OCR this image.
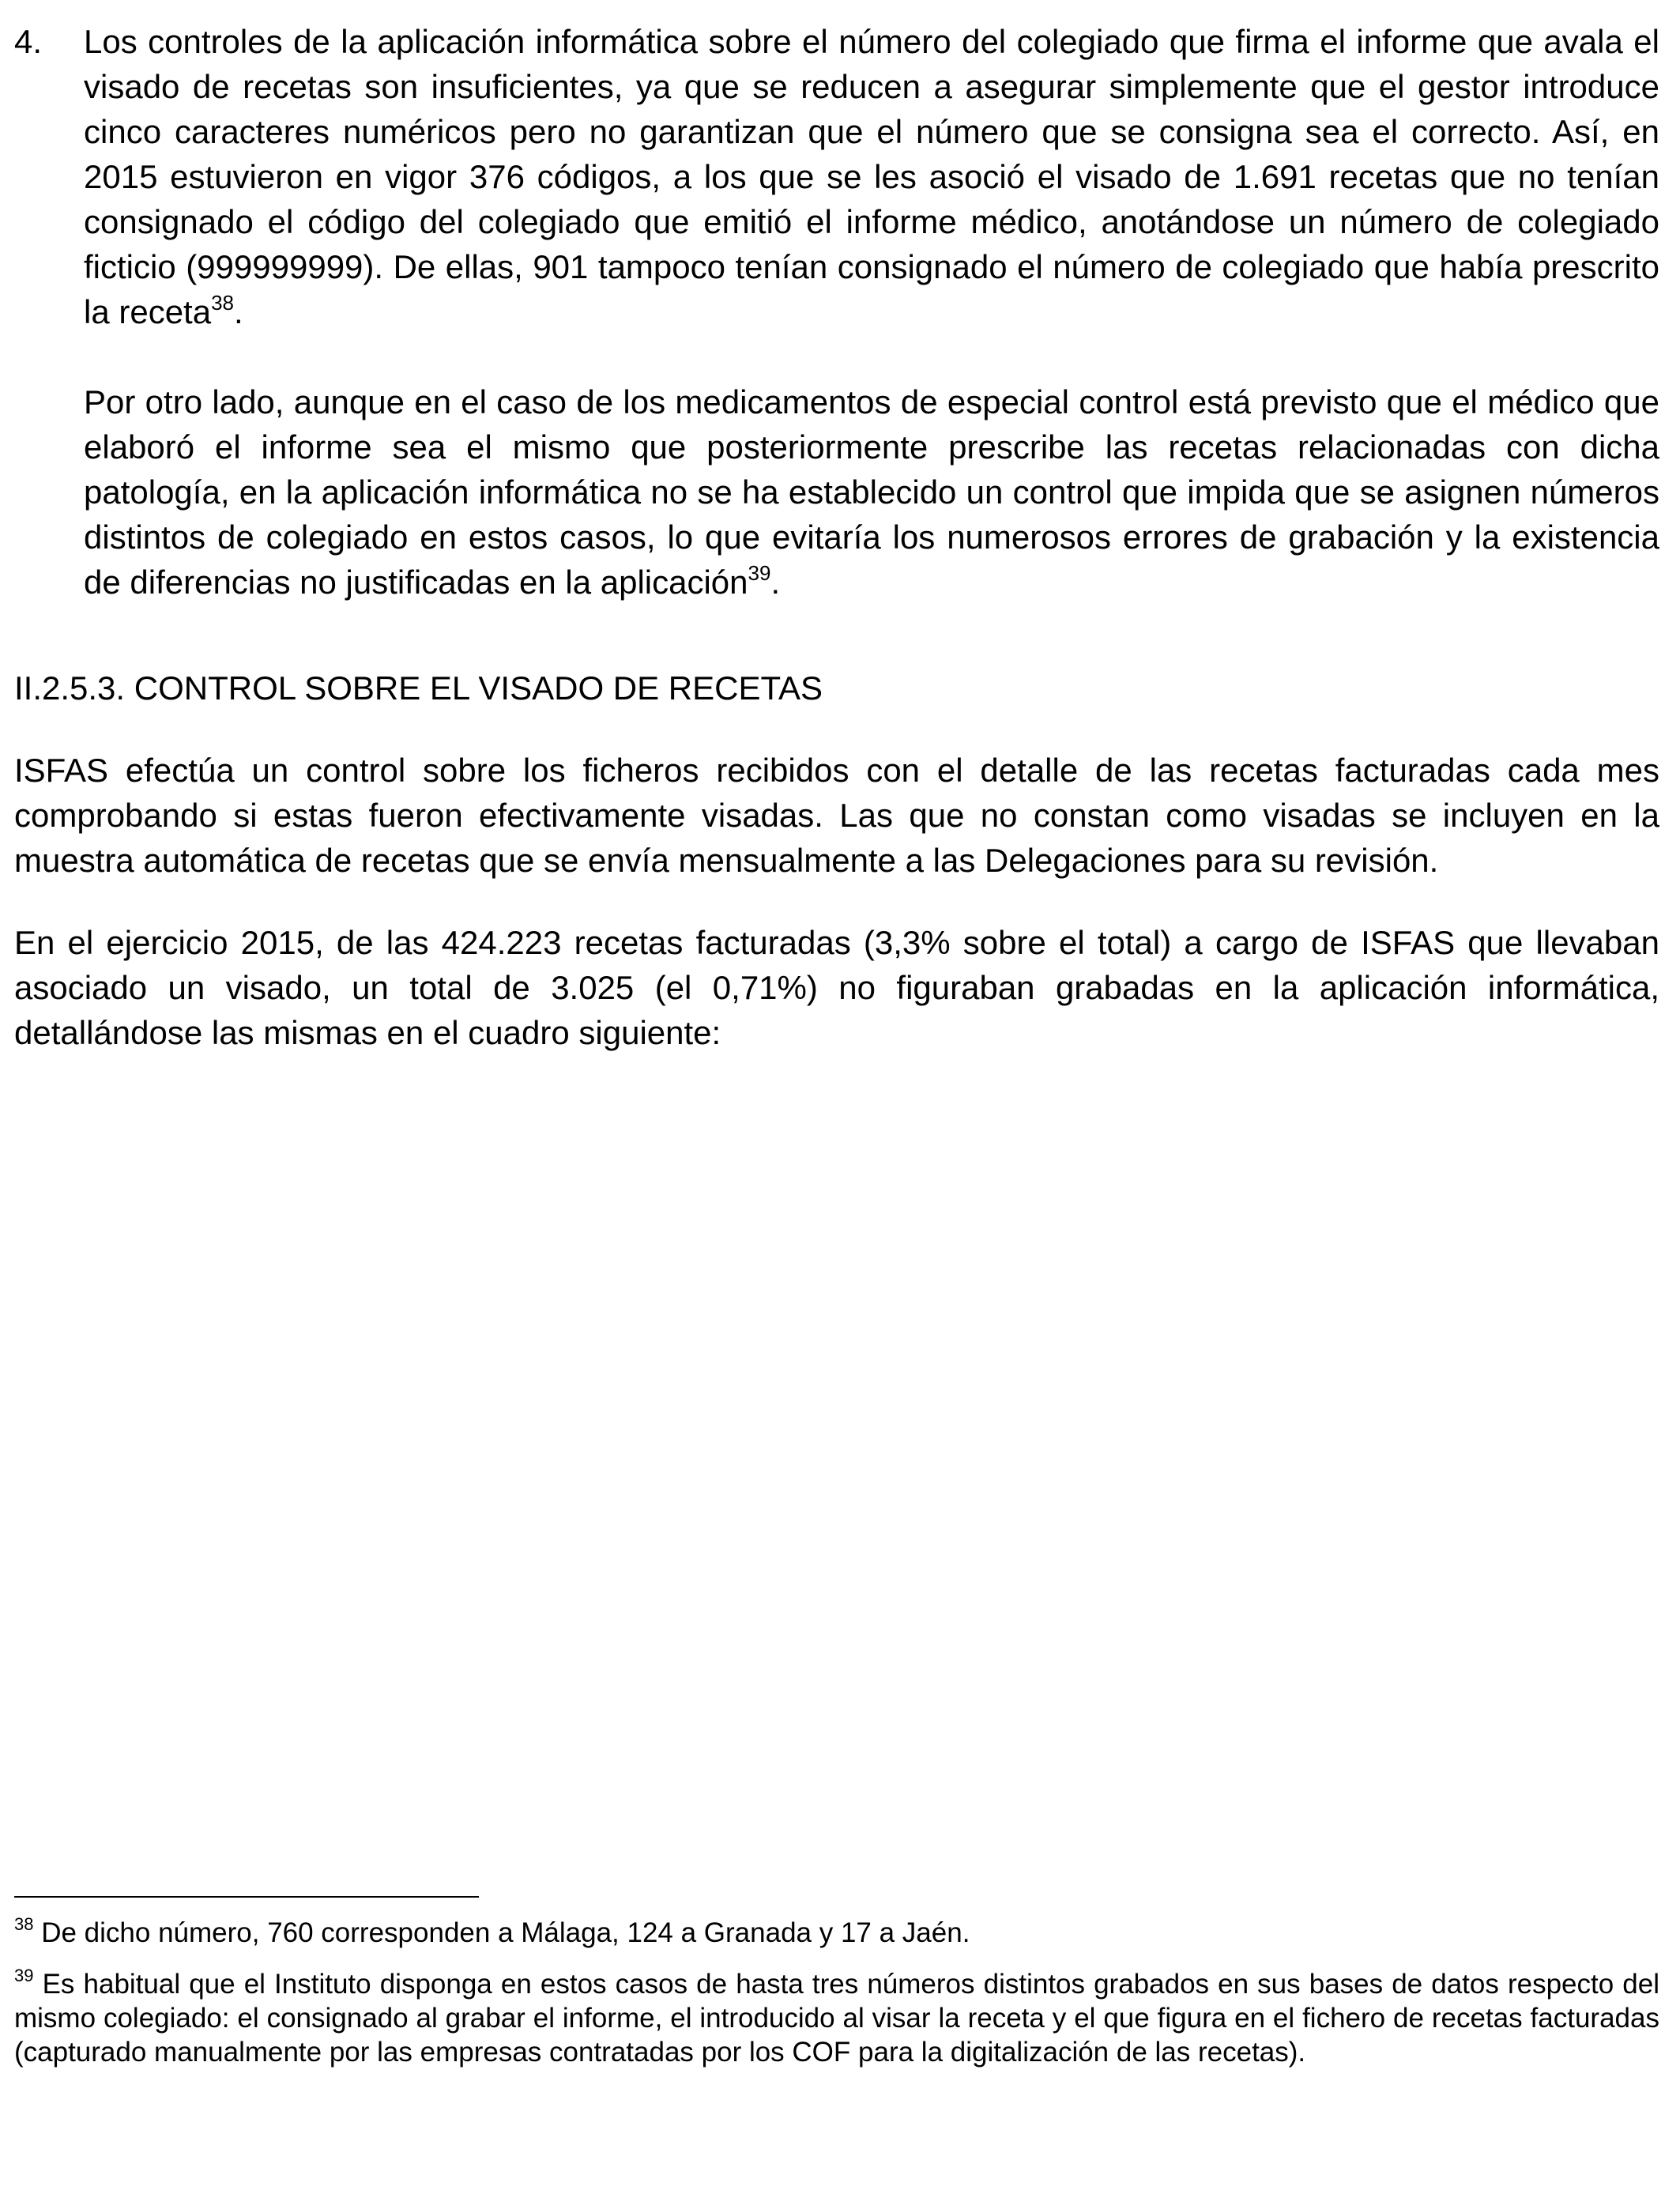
4. Los controles de la aplicación informática sobre el número del colegiado que firma el informe que avala el visado de recetas son insuficientes, ya que se reducen a asegurar simplemente que el gestor introduce cinco caracteres numéricos pero no garantizan que el número que se consigna sea el correcto. Así, en 2015 estuvieron en vigor 376 códigos, a los que se les asoció el visado de 1.691 recetas que no tenían consignado el código del colegiado que emitió el informe médico, anotándose un número de colegiado ficticio (999999999). De ellas, 901 tampoco tenían consignado el número de colegiado que había prescrito la receta$^{38}$.

Por otro lado, aunque en el caso de los medicamentos de especial control está previsto que el médico que elaboró el informe sea el mismo que posteriormente prescribe las recetas relacionadas con dicha patología, en la aplicación informática no se ha establecido un control que impida que se asignen números distintos de colegiado en estos casos, lo que evitaría los numerosos errores de grabación y la existencia de diferencias no justificadas en la aplicación$^{39}$.

II.2.5.3. CONTROL SOBRE EL VISADO DE RECETAS

ISFAS efectúa un control sobre los ficheros recibidos con el detalle de las recetas facturadas cada mes comprobando si estas fueron efectivamente visadas. Las que no constan como visadas se incluyen en la muestra automática de recetas que se envía mensualmente a las Delegaciones para su revisión.

En el ejercicio 2015, de las 424.223 recetas facturadas (3,3% sobre el total) a cargo de ISFAS que llevaban asociado un visado, un total de 3.025 (el 0,71%) no figuraban grabadas en la aplicación informática, detallándose las mismas en el cuadro siguiente:

$^{38}$ De dicho número, 760 corresponden a Málaga, 124 a Granada y 17 a Jaén.

$^{39}$ Es habitual que el Instituto disponga en estos casos de hasta tres números distintos grabados en sus bases de datos respecto del mismo colegiado: el consignado al grabar el informe, el introducido al visar la receta y el que figura en el fichero de recetas facturadas (capturado manualmente por las empresas contratadas por los COF para la digitalización de las recetas).
